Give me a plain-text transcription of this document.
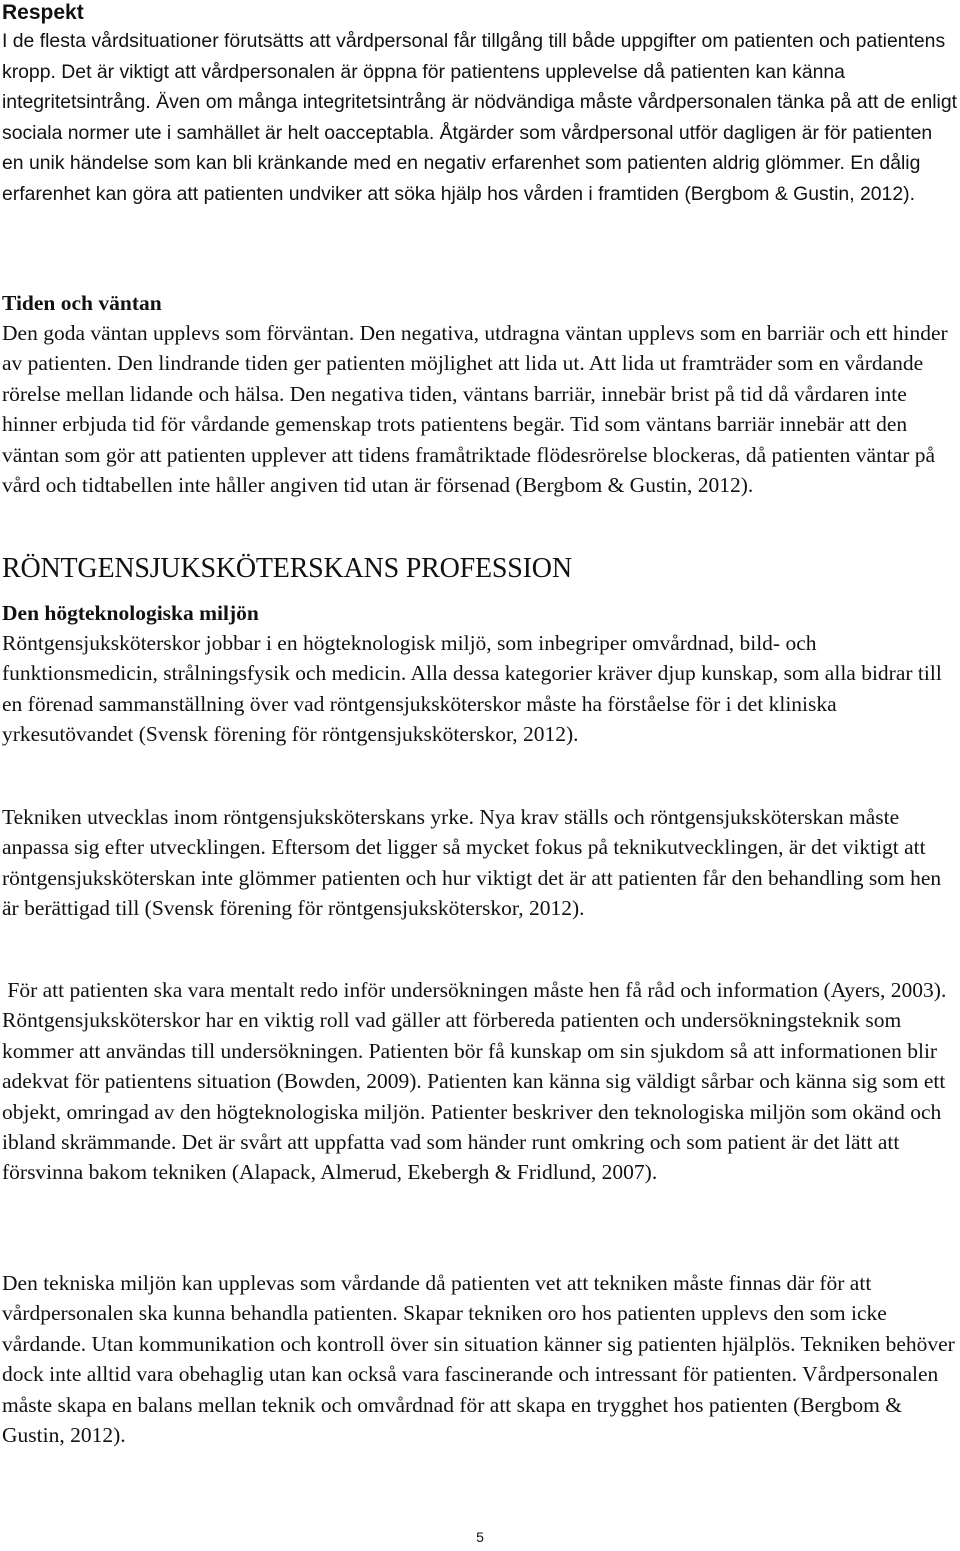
Respekt

I de flesta vårdsituationer förutsätts att vårdpersonal får tillgång till både uppgifter om patienten och patientens kropp. Det är viktigt att vårdpersonalen är öppna för patientens upplevelse då patienten kan känna integritetsintrång. Även om många integritetsintrång är nödvändiga måste vårdpersonalen tänka på att de enligt sociala normer ute i samhället är helt oacceptabla. Åtgärder som vårdpersonal utför dagligen är för patienten en unik händelse som kan bli kränkande med en negativ erfarenhet som patienten aldrig glömmer. En dålig erfarenhet kan göra att patienten undviker att söka hjälp hos vården i framtiden (Bergbom & Gustin, 2012).

Tiden och väntan

Den goda väntan upplevs som förväntan. Den negativa, utdragna väntan upplevs som en barriär och ett hinder av patienten. Den lindrande tiden ger patienten möjlighet att lida ut. Att lida ut framträder som en vårdande rörelse mellan lidande och hälsa. Den negativa tiden, väntans barriär, innebär brist på tid då vårdaren inte hinner erbjuda tid för vårdande gemenskap trots patientens begär. Tid som väntans barriär innebär att den väntan som gör att patienten upplever att tidens framåtriktade flödesrörelse blockeras, då patienten väntar på vård och tidtabellen inte håller angiven tid utan är försenad (Bergbom & Gustin, 2012).

RÖNTGENSJUKSKÖTERSKANS PROFESSION
Den högteknologiska miljön

Röntgensjuksköterskor jobbar i en högteknologisk miljö, som inbegriper omvårdnad, bild- och funktionsmedicin, strålningsfysik och medicin. Alla dessa kategorier kräver djup kunskap, som alla bidrar till en förenad sammanställning över vad röntgensjuksköterskor måste ha förståelse för i det kliniska yrkesutövandet (Svensk förening för röntgensjuksköterskor, 2012).

Tekniken utvecklas inom röntgensjuksköterskans yrke. Nya krav ställs och röntgensjuksköterskan måste anpassa sig efter utvecklingen. Eftersom det ligger så mycket fokus på teknikutvecklingen, är det viktigt att röntgensjuksköterskan inte glömmer patienten och hur viktigt det är att patienten får den behandling som hen är berättigad till (Svensk förening för röntgensjuksköterskor, 2012).

För att patienten ska vara mentalt redo inför undersökningen måste hen få råd och information (Ayers, 2003). Röntgensjuksköterskor har en viktig roll vad gäller att förbereda patienten och undersökningsteknik som kommer att användas till undersökningen. Patienten bör få kunskap om sin sjukdom så att informationen blir adekvat för patientens situation (Bowden, 2009). Patienten kan känna sig väldigt sårbar och känna sig som ett objekt, omringad av den högteknologiska miljön. Patienter beskriver den teknologiska miljön som okänd och ibland skrämmande. Det är svårt att uppfatta vad som händer runt omkring och som patient är det lätt att försvinna bakom tekniken (Alapack, Almerud, Ekebergh & Fridlund, 2007).

Den tekniska miljön kan upplevas som vårdande då patienten vet att tekniken måste finnas där för att vårdpersonalen ska kunna behandla patienten. Skapar tekniken oro hos patienten upplevs den som icke vårdande. Utan kommunikation och kontroll över sin situation känner sig patienten hjälplös. Tekniken behöver dock inte alltid vara obehaglig utan kan också vara fascinerande och intressant för patienten. Vårdpersonalen måste skapa en balans mellan teknik och omvårdnad för att skapa en trygghet hos patienten (Bergbom & Gustin, 2012).

5
